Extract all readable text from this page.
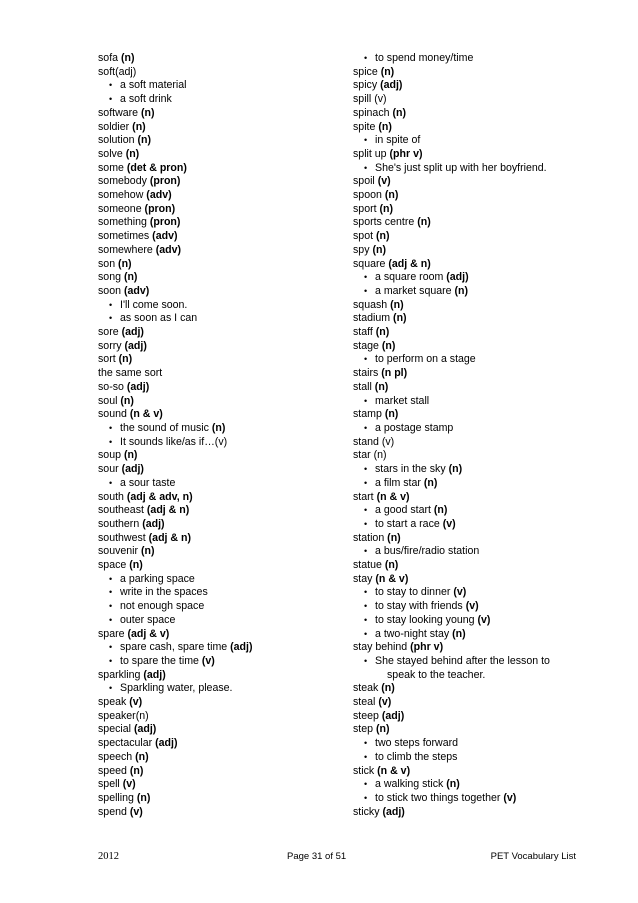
sofa (n)
soft(adj)
• a soft material
• a soft drink
software (n)
soldier (n)
solution (n)
solve (n)
some (det & pron)
somebody (pron)
somehow (adv)
someone (pron)
something (pron)
sometimes (adv)
somewhere (adv)
son (n)
song (n)
soon (adv)
• I'll come soon.
• as soon as I can
sore (adj)
sorry (adj)
sort (n)
the same sort
so-so (adj)
soul (n)
sound (n & v)
• the sound of music (n)
• It sounds like/as if…(v)
soup (n)
sour (adj)
• a sour taste
south (adj & adv, n)
southeast (adj & n)
southern (adj)
southwest (adj & n)
souvenir (n)
space (n)
• a parking space
• write in the spaces
• not enough space
• outer space
spare (adj & v)
• spare cash, spare time (adj)
• to spare the time (v)
sparkling (adj)
• Sparkling water, please.
speak (v)
speaker(n)
special (adj)
spectacular (adj)
speech (n)
speed (n)
spell (v)
spelling (n)
spend (v)
• to spend money/time
spice (n)
spicy (adj)
spill (v)
spinach (n)
spite (n)
• in spite of
split up (phr v)
• She's just split up with her boyfriend.
spoil (v)
spoon (n)
sport (n)
sports centre (n)
spot (n)
spy (n)
square (adj & n)
• a square room (adj)
• a market square (n)
squash (n)
stadium (n)
staff (n)
stage (n)
• to perform on a stage
stairs (n pl)
stall (n)
• market stall
stamp (n)
• a postage stamp
stand (v)
star (n)
• stars in the sky (n)
• a film star (n)
start (n & v)
• a good start (n)
• to start a race (v)
station (n)
• a bus/fire/radio station
statue (n)
stay (n & v)
• to stay to dinner (v)
• to stay with friends (v)
• to stay looking young (v)
• a two-night stay (n)
stay behind (phr v)
• She stayed behind after the lesson to
speak to the teacher.
steak (n)
steal (v)
steep (adj)
step (n)
• two steps forward
• to climb the steps
stick (n & v)
• a walking stick (n)
• to stick two things together (v)
sticky (adj)
2012	Page 31 of 51	PET Vocabulary List
